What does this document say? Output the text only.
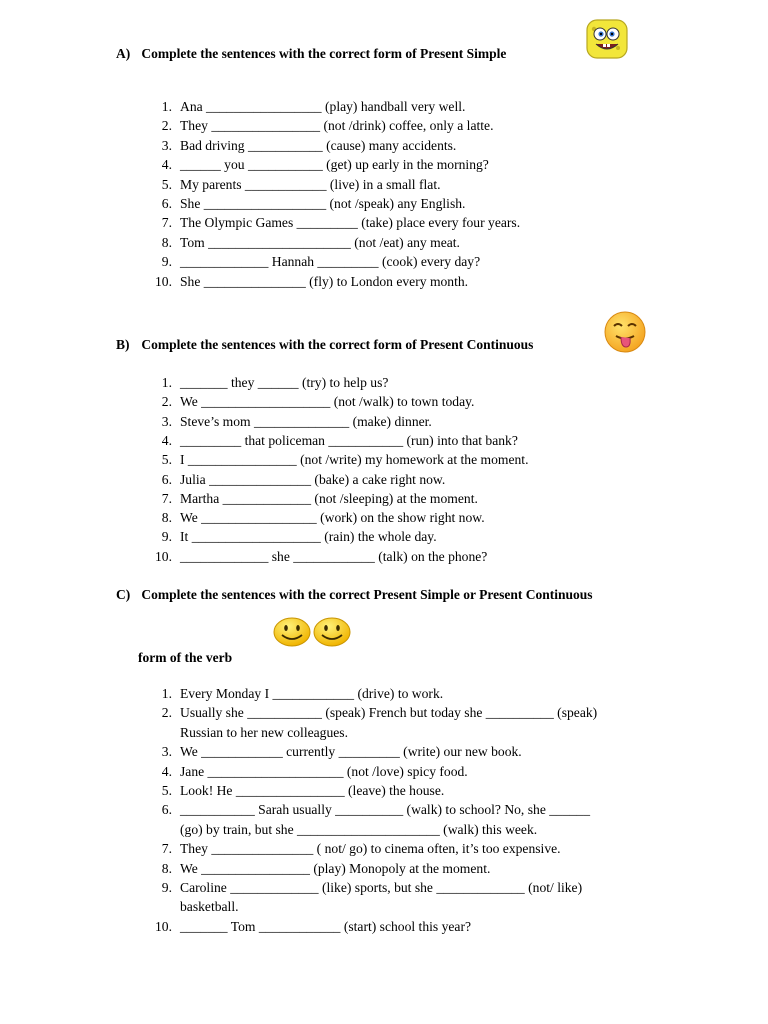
A) Complete the sentences with the correct form of Present Simple
1. Ana _________________ (play) handball very well.
2. They ________________ (not /drink) coffee, only a latte.
3. Bad driving ___________ (cause) many accidents.
4. ______ you ___________ (get) up early in the morning?
5. My parents ____________ (live) in a small flat.
6. She __________________ (not /speak) any English.
7. The Olympic Games _________ (take) place every four years.
8. Tom _____________________ (not /eat) any meat.
9. _____________ Hannah _________ (cook) every day?
10. She _______________ (fly) to London every month.
B) Complete the sentences with the correct form of Present Continuous
1. _______ they ______ (try) to help us?
2. We ___________________ (not /walk) to town today.
3. Steve’s mom ______________ (make) dinner.
4. _________ that policeman ___________ (run) into that bank?
5. I ________________ (not /write) my homework at the moment.
6. Julia _______________ (bake) a cake right now.
7. Martha _____________ (not /sleeping) at the moment.
8. We _________________ (work) on the show right now.
9. It ___________________ (rain) the whole day.
10. _____________ she ____________ (talk) on the phone?
C) Complete the sentences with the correct Present Simple or Present Continuous
form of the verb
1. Every Monday I ____________ (drive) to work.
2. Usually she ___________ (speak) French but today she __________ (speak)
Russian to her new colleagues.
3. We ____________ currently _________ (write) our new book.
4. Jane ____________________ (not /love) spicy food.
5. Look! He ________________ (leave) the house.
6. ___________ Sarah usually __________ (walk) to school? No, she ______
(go) by train, but she _____________________ (walk) this week.
7. They _______________ ( not/ go) to cinema often, it’s too expensive.
8. We ________________ (play) Monopoly at the moment.
9. Caroline _____________ (like) sports, but she _____________ (not/ like)
basketball.
10. _______ Tom ____________ (start) school this year?
